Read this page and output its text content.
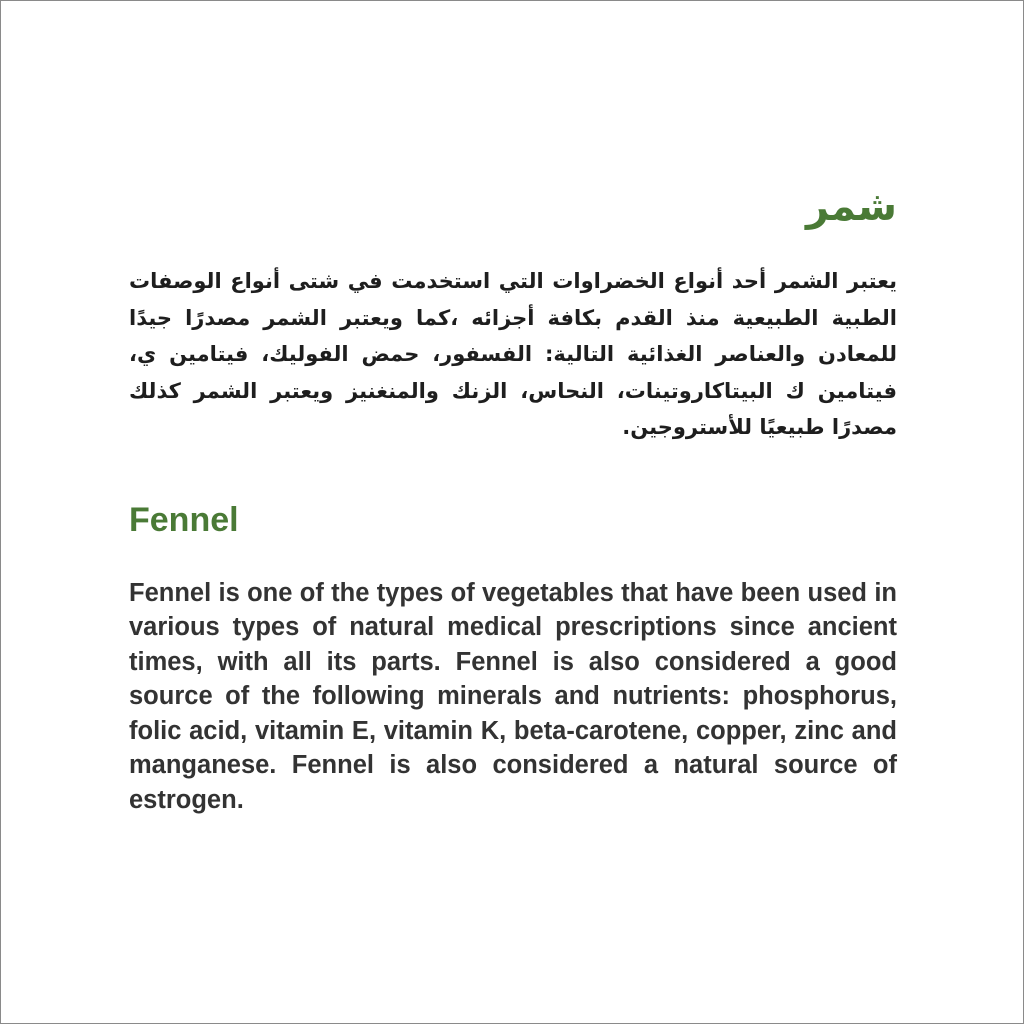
شمر

يعتبر الشمر أحد أنواع الخضراوات التي استخدمت في شتى أنواع الوصفات الطبية الطبيعية منذ القدم بكافة أجزائه ،كما ويعتبر الشمر مصدرًا جيدًا للمعادن والعناصر الغذائية التالية: الفسفور، حمض الفوليك، فيتامين ي، فيتامين ك البيتاكاروتينات، النحاس، الزنك والمنغنيز ويعتبر الشمر كذلك مصدرًا طبيعيًا للأستروجين.

Fennel

Fennel is one of the types of vegetables that have been used in various types of natural medical prescriptions since ancient times, with all its parts. Fennel is also considered a good source of the following minerals and nutrients: phosphorus, folic acid, vitamin E, vitamin K, beta-carotene, copper, zinc and manganese. Fennel is also considered a natural source of estrogen.
